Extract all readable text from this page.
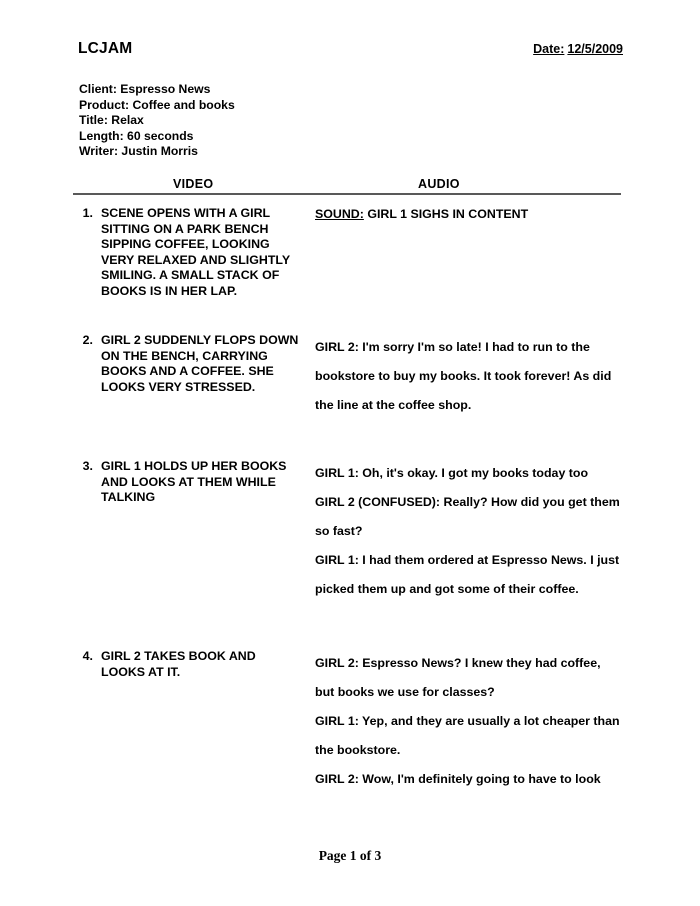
LCJAM	Date: 12/5/2009
Client: Espresso News
Product: Coffee and books
Title: Relax
Length: 60 seconds
Writer: Justin Morris
VIDEO	AUDIO
1. SCENE OPENS WITH A GIRL SITTING ON A PARK BENCH SIPPING COFFEE, LOOKING VERY RELAXED AND SLIGHTLY SMILING. A SMALL STACK OF BOOKS IS IN HER LAP.
SOUND: GIRL 1 SIGHS IN CONTENT
2. GIRL 2 SUDDENLY FLOPS DOWN ON THE BENCH, CARRYING BOOKS AND A COFFEE. SHE LOOKS VERY STRESSED.
GIRL 2: I'm sorry I'm so late! I had to run to the bookstore to buy my books. It took forever! As did the line at the coffee shop.
3. GIRL 1 HOLDS UP HER BOOKS AND LOOKS AT THEM WHILE TALKING
GIRL 1: Oh, it's okay. I got my books today too
GIRL 2 (CONFUSED): Really? How did you get them so fast?
GIRL 1: I had them ordered at Espresso News. I just picked them up and got some of their coffee.
4. GIRL 2 TAKES BOOK AND LOOKS AT IT.
GIRL 2: Espresso News? I knew they had coffee, but books we use for classes?
GIRL 1: Yep, and they are usually a lot cheaper than the bookstore.
GIRL 2: Wow, I'm definitely going to have to look
Page 1 of 3
